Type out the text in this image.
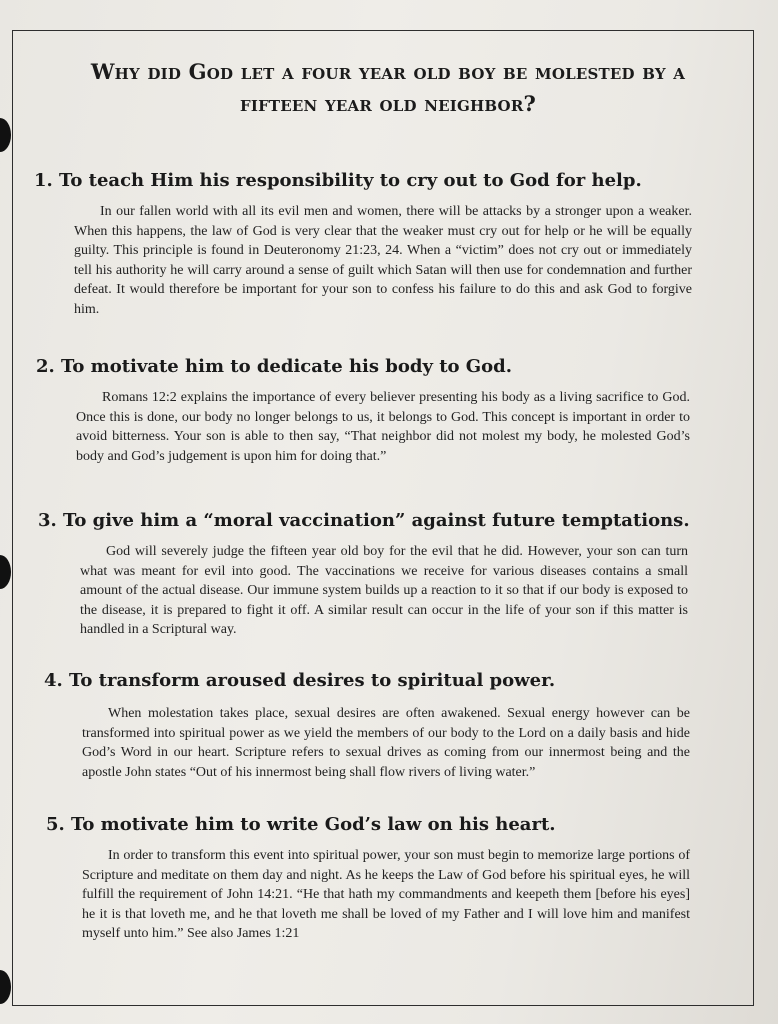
Why did God let a four year old boy be molested by a fifteen year old neighbor?
1. To teach Him his responsibility to cry out to God for help.
In our fallen world with all its evil men and women, there will be attacks by a stronger upon a weaker. When this happens, the law of God is very clear that the weaker must cry out for help or he will be equally guilty. This principle is found in Deuteronomy 21:23, 24. When a “victim” does not cry out or immediately tell his authority he will carry around a sense of guilt which Satan will then use for condemnation and further defeat. It would therefore be important for your son to confess his failure to do this and ask God to forgive him.
2. To motivate him to dedicate his body to God.
Romans 12:2 explains the importance of every believer presenting his body as a living sacrifice to God. Once this is done, our body no longer belongs to us, it belongs to God. This concept is important in order to avoid bitterness. Your son is able to then say, “That neighbor did not molest my body, he molested God’s body and God’s judgement is upon him for doing that.”
3. To give him a “moral vaccination” against future temptations.
God will severely judge the fifteen year old boy for the evil that he did. However, your son can turn what was meant for evil into good. The vaccinations we receive for various diseases contains a small amount of the actual disease. Our immune system builds up a reaction to it so that if our body is exposed to the disease, it is prepared to fight it off. A similar result can occur in the life of your son if this matter is handled in a Scriptural way.
4. To transform aroused desires to spiritual power.
When molestation takes place, sexual desires are often awakened. Sexual energy however can be transformed into spiritual power as we yield the members of our body to the Lord on a daily basis and hide God’s Word in our heart. Scripture refers to sexual drives as coming from our innermost being and the apostle John states “Out of his innermost being shall flow rivers of living water.”
5. To motivate him to write God’s law on his heart.
In order to transform this event into spiritual power, your son must begin to memorize large portions of Scripture and meditate on them day and night. As he keeps the Law of God before his spiritual eyes, he will fulfill the requirement of John 14:21. “He that hath my commandments and keepeth them [before his eyes] he it is that loveth me, and he that loveth me shall be loved of my Father and I will love him and manifest myself unto him.” See also James 1:21
